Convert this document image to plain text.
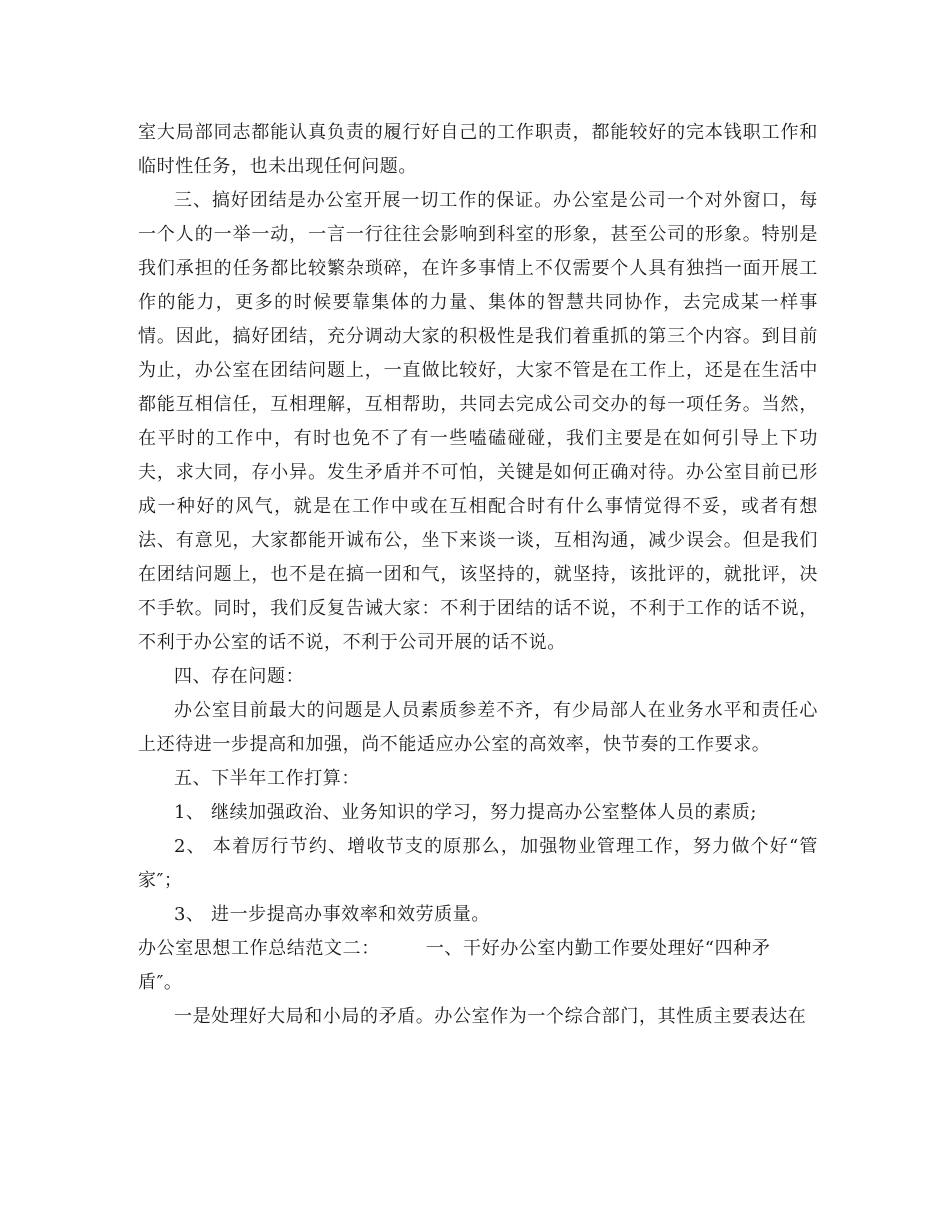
室大局部同志都能认真负责的履行好自己的工作职责，都能较好的完本钱职工作和临时性任务，也未出现任何问题。

三、搞好团结是办公室开展一切工作的保证。办公室是公司一个对外窗口，每一个人的一举一动，一言一行往往会影响到科室的形象，甚至公司的形象。特别是我们承担的任务都比较繁杂琐碎，在许多事情上不仅需要个人具有独挡一面开展工作的能力，更多的时候要靠集体的力量、集体的智慧共同协作，去完成某一样事情。因此，搞好团结，充分调动大家的积极性是我们着重抓的第三个内容。到目前为止，办公室在团结问题上，一直做比较好，大家不管是在工作上，还是在生活中都能互相信任，互相理解，互相帮助，共同去完成公司交办的每一项任务。当然，在平时的工作中，有时也免不了有一些嗑磕碰碰，我们主要是在如何引导上下功夫，求大同，存小异。发生矛盾并不可怕，关键是如何正确对待。办公室目前已形成一种好的风气，就是在工作中或在互相配合时有什么事情觉得不妥，或者有想法、有意见，大家都能开诚布公，坐下来谈一谈，互相沟通，减少误会。但是我们在团结问题上，也不是在搞一团和气，该坚持的，就坚持，该批评的，就批评，决不手软。同时，我们反复告诫大家：不利于团结的话不说，不利于工作的话不说，不利于办公室的话不说，不利于公司开展的话不说。

四、存在问题：

办公室目前最大的问题是人员素质参差不齐，有少局部人在业务水平和责任心上还待进一步提高和加强，尚不能适应办公室的高效率，快节奏的工作要求。

五、下半年工作打算：

1、 继续加强政治、业务知识的学习，努力提高办公室整体人员的素质;

2、 本着厉行节约、增收节支的原那么，加强物业管理工作，努力做个好“管家″；

3、 进一步提高办事效率和效劳质量。

办公室思想工作总结范文二：	一、干好办公室内勤工作要处理好“四种矛

盾″。

一是处理好大局和小局的矛盾。办公室作为一个综合部门，其性质主要表达在
